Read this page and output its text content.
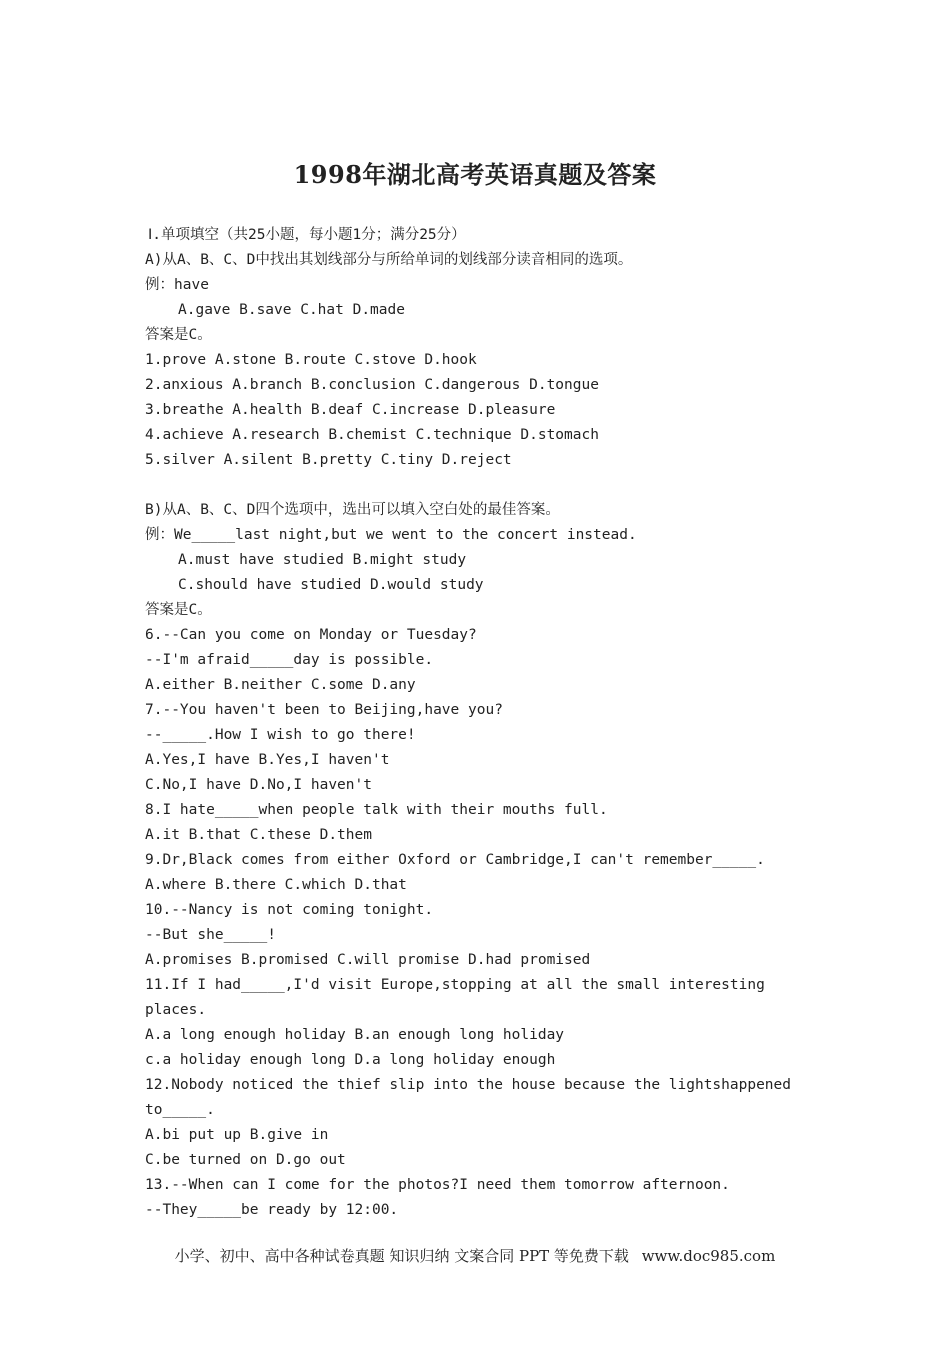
1998年湖北高考英语真题及答案
Ⅰ.单项填空（共25小题，每小题1分；满分25分）
A)从A、B、C、D中找出其划线部分与所给单词的划线部分读音相同的选项。
例：have
A.gave B.save C.hat D.made
答案是C。
1.prove A.stone B.route C.stove D.hook
2.anxious A.branch B.conclusion C.dangerous D.tongue
3.breathe A.health B.deaf C.increase D.pleasure
4.achieve A.research B.chemist C.technique D.stomach
5.silver A.silent B.pretty C.tiny D.reject
B)从A、B、C、D四个选项中，选出可以填入空白处的最佳答案。
例：We_____last night,but we went to the concert instead.
A.must have studied B.might study
C.should have studied D.would study
答案是C。
6.--Can you come on Monday or Tuesday?
--I'm afraid_____day is possible.
A.either B.neither C.some D.any
7.--You haven't been to Beijing,have you?
--_____.How I wish to go there!
A.Yes,I have B.Yes,I haven't
C.No,I have D.No,I haven't
8.I hate_____when people talk with their mouths full.
A.it B.that C.these D.them
9.Dr,Black comes from either Oxford or Cambridge,I can't remember_____.
A.where B.there C.which D.that
10.--Nancy is not coming tonight.
--But she_____!
A.promises B.promised C.will promise D.had promised
11.If I had_____,I'd visit Europe,stopping at all the small interesting
places.
A.a long enough holiday B.an enough long holiday
c.a holiday enough long D.a long holiday enough
12.Nobody noticed the thief slip into the house because the lightshappened
to_____.
A.bi put up B.give in
C.be turned on D.go out
13.--When can I come for the photos?I need them tomorrow afternoon.
--They_____be ready by 12:00.
小学、初中、高中各种试卷真题 知识归纳 文案合同 PPT 等免费下载 www.doc985.com
